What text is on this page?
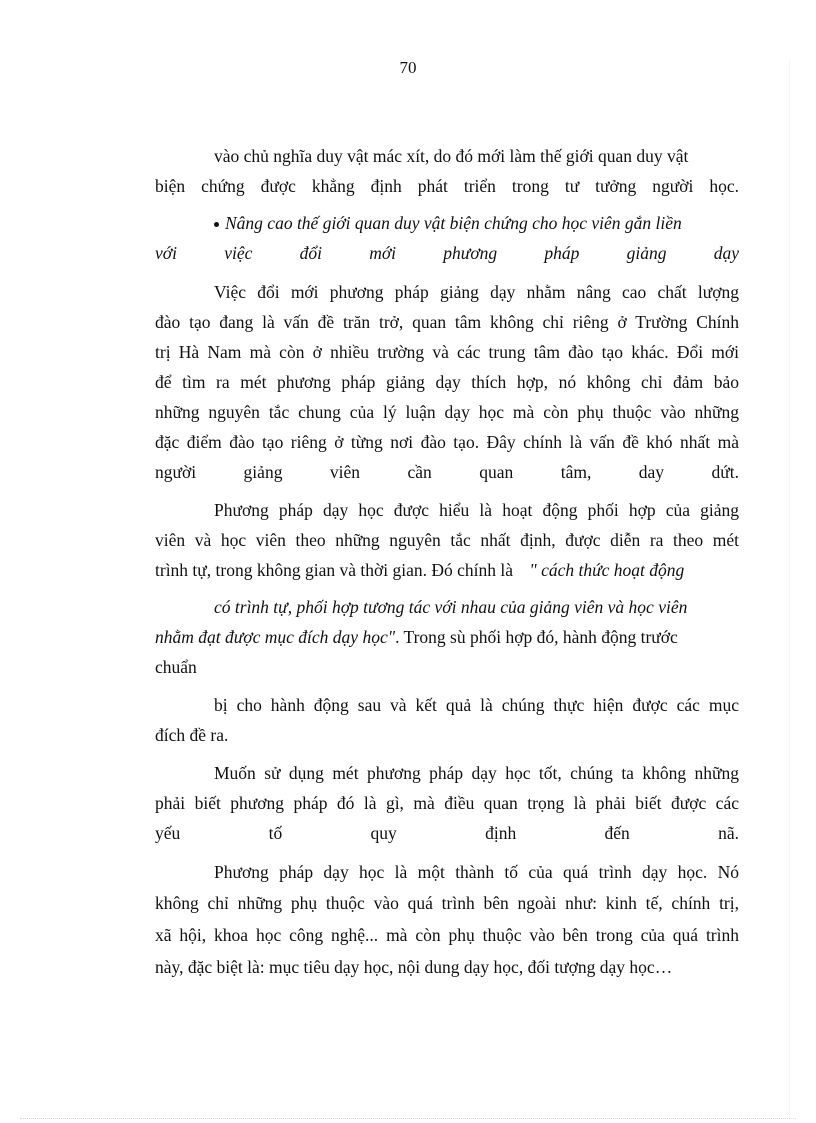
70
vào chủ nghĩa duy vật mác xít, do đó mới làm thế giới quan duy vật
biện chứng được khẳng định phát triển trong tư tưởng người học.
Nâng cao thế giới quan duy vật biện chứng cho học viên gắn liền
với việc đổi mới phương pháp giảng dạy
Việc đổi mới phương pháp giảng dạy nhằm nâng cao chất lượng
đào tạo đang là vấn đề trăn trở, quan tâm không chỉ riêng ở Trường Chính
trị Hà Nam mà còn ở nhiều trường và các trung tâm đào tạo khác. Đổi mới
để tìm ra mét phương pháp giảng dạy thích hợp, nó không chỉ đảm bảo
những nguyên tắc chung của lý luận dạy học mà còn phụ thuộc vào những
đặc điểm đào tạo riêng ở từng nơi đào tạo. Đây chính là vấn đề khó nhất mà
người giảng viên cần quan tâm, day dứt.
Phương pháp dạy học được hiểu là hoạt động phối hợp của giảng
viên và học viên theo những nguyên tắc nhất định, được diễn ra theo mét
trình tự, trong không gian và thời gian. Đó chính là " cách thức hoạt động
có trình tự, phối hợp tương tác với nhau của giảng viên và học viên
nhằm đạt được mục đích dạy học". Trong sù phối hợp đó, hành động trước
chuẩn
bị cho hành động sau và kết quả là chúng thực hiện được các mục
đích đề ra.
Muốn sử dụng mét phương pháp dạy học tốt, chúng ta không những
phải biết phương pháp đó là gì, mà điều quan trọng là phải biết được các
yếu tố quy định đến nã.
Phương pháp dạy học là một thành tố của quá trình dạy học. Nó
không chỉ những phụ thuộc vào quá trình bên ngoài như: kinh tế, chính trị,
xã hội, khoa học công nghệ... mà còn phụ thuộc vào bên trong của quá trình
này, đặc biệt là: mục tiêu dạy học, nội dung dạy học, đối tượng dạy học…
